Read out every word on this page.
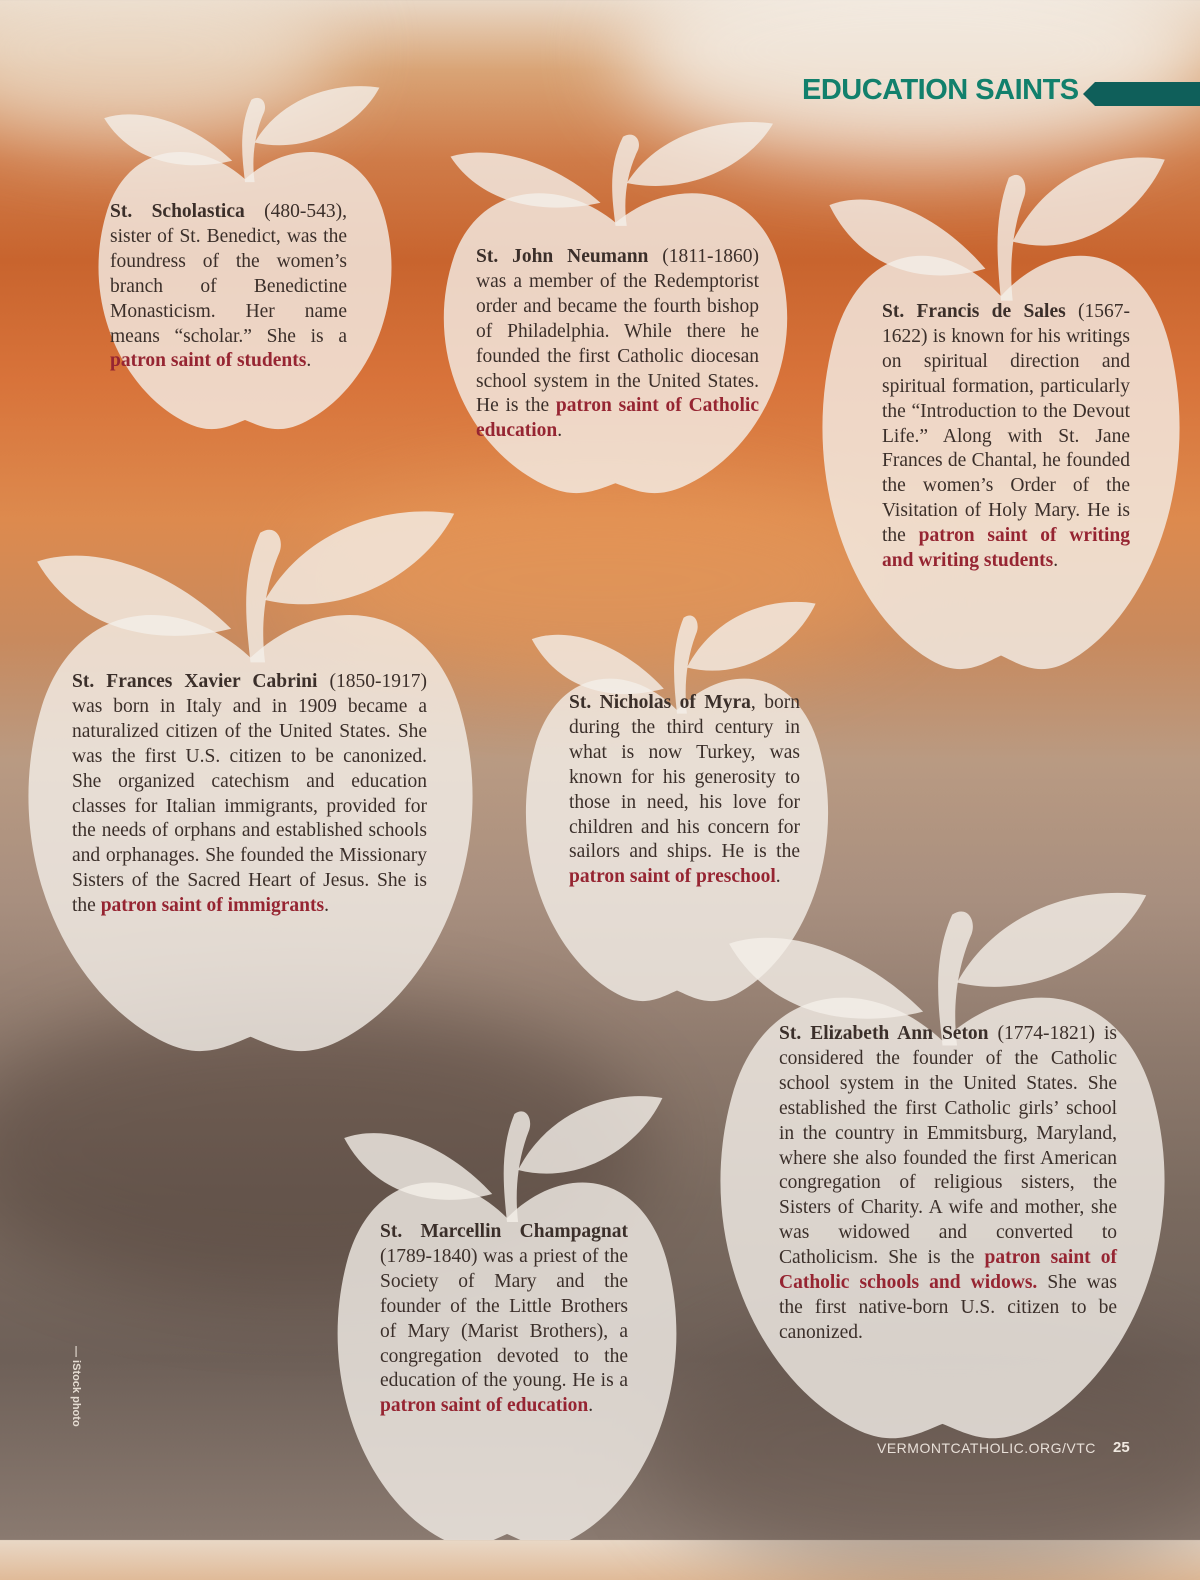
EDUCATION SAINTS
St. Scholastica (480-543), sister of St. Benedict, was the foundress of the women’s branch of Benedictine Monasticism. Her name means “scholar.” She is a patron saint of students.
St. John Neumann (1811-1860) was a member of the Redemptorist order and became the fourth bishop of Philadelphia. While there he founded the first Catholic diocesan school system in the United States. He is the patron saint of Catholic education.
St. Francis de Sales (1567-1622) is known for his writings on spiritual direction and spiritual formation, particularly the “Introduction to the Devout Life.” Along with St. Jane Frances de Chantal, he founded the women’s Order of the Visitation of Holy Mary. He is the patron saint of writing and writing students.
St. Frances Xavier Cabrini (1850-1917) was born in Italy and in 1909 became a naturalized citizen of the United States. She was the first U.S. citizen to be canonized. She organized catechism and education classes for Italian immigrants, provided for the needs of orphans and established schools and orphanages. She founded the Missionary Sisters of the Sacred Heart of Jesus. She is the patron saint of immigrants.
St. Nicholas of Myra, born during the third century in what is now Turkey, was known for his generosity to those in need, his love for children and his concern for sailors and ships. He is the patron saint of preschool.
St. Elizabeth Ann Seton (1774-1821) is considered the founder of the Catholic school system in the United States. She established the first Catholic girls’ school in the country in Emmitsburg, Maryland, where she also founded the first American congregation of religious sisters, the Sisters of Charity. A wife and mother, she was widowed and converted to Catholicism. She is the patron saint of Catholic schools and widows. She was the first native-born U.S. citizen to be canonized.
St. Marcellin Champagnat (1789-1840) was a priest of the Society of Mary and the founder of the Little Brothers of Mary (Marist Brothers), a congregation devoted to the education of the young. He is a patron saint of education.
— iStock photo
VERMONTCATHOLIC.ORG/VTC 25
